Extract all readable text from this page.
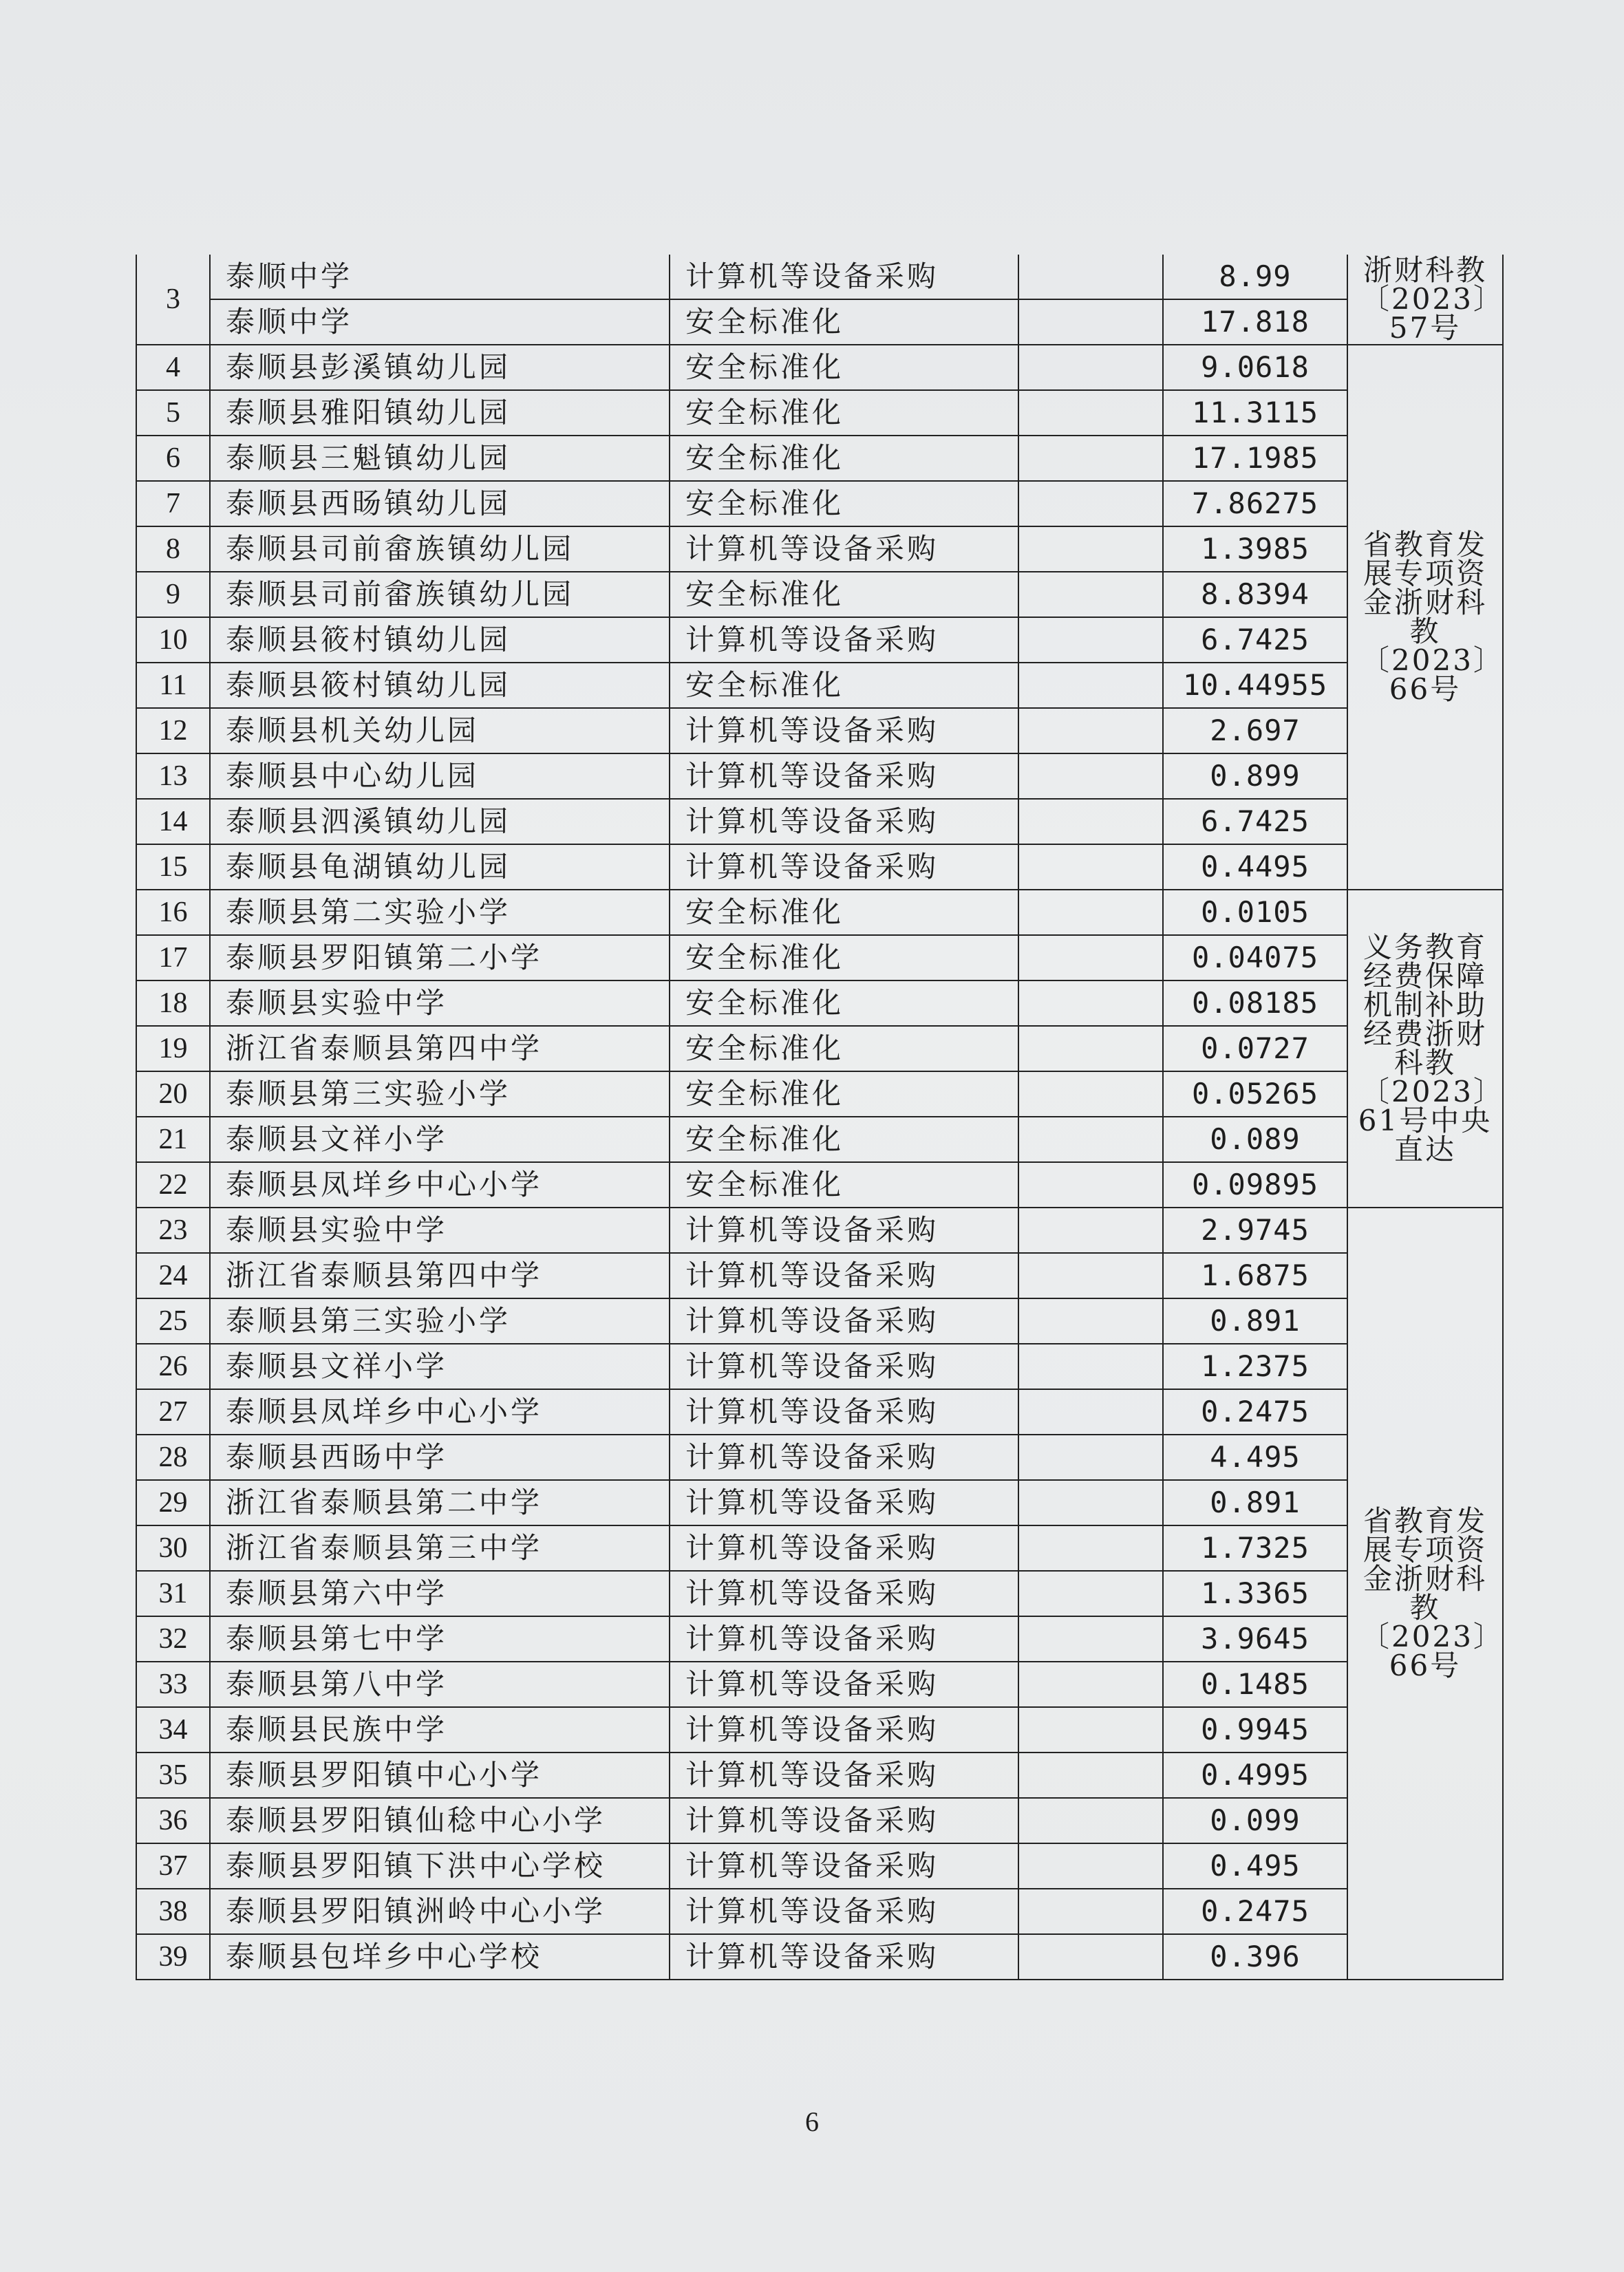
3	泰顺中学	计算机等设备采购		8.99	浙财科教〔2023〕57号
	泰顺中学	安全标准化		17.818	
4	泰顺县彭溪镇幼儿园	安全标准化		9.0618	省教育发展专项资金浙财科教〔2023〕66号
5	泰顺县雅阳镇幼儿园	安全标准化		11.3115	
6	泰顺县三魁镇幼儿园	安全标准化		17.1985	
7	泰顺县西旸镇幼儿园	安全标准化		7.86275	
8	泰顺县司前畲族镇幼儿园	计算机等设备采购		1.3985	
9	泰顺县司前畲族镇幼儿园	安全标准化		8.8394	
10	泰顺县筱村镇幼儿园	计算机等设备采购		6.7425	
11	泰顺县筱村镇幼儿园	安全标准化		10.44955	
12	泰顺县机关幼儿园	计算机等设备采购		2.697	
13	泰顺县中心幼儿园	计算机等设备采购		0.899	
14	泰顺县泗溪镇幼儿园	计算机等设备采购		6.7425	
15	泰顺县龟湖镇幼儿园	计算机等设备采购		0.4495	
16	泰顺县第二实验小学	安全标准化		0.0105	义务教育经费保障机制补助经费浙财科教〔2023〕61号中央直达
17	泰顺县罗阳镇第二小学	安全标准化		0.04075	
18	泰顺县实验中学	安全标准化		0.08185	
19	浙江省泰顺县第四中学	安全标准化		0.0727	
20	泰顺县第三实验小学	安全标准化		0.05265	
21	泰顺县文祥小学	安全标准化		0.089	
22	泰顺县凤垟乡中心小学	安全标准化		0.09895	
23	泰顺县实验中学	计算机等设备采购		2.9745	省教育发展专项资金浙财科教〔2023〕66号
24	浙江省泰顺县第四中学	计算机等设备采购		1.6875	
25	泰顺县第三实验小学	计算机等设备采购		0.891	
26	泰顺县文祥小学	计算机等设备采购		1.2375	
27	泰顺县凤垟乡中心小学	计算机等设备采购		0.2475	
28	泰顺县西旸中学	计算机等设备采购		4.495	
29	浙江省泰顺县第二中学	计算机等设备采购		0.891	
30	浙江省泰顺县第三中学	计算机等设备采购		1.7325	
31	泰顺县第六中学	计算机等设备采购		1.3365	
32	泰顺县第七中学	计算机等设备采购		3.9645	
33	泰顺县第八中学	计算机等设备采购		0.1485	
34	泰顺县民族中学	计算机等设备采购		0.9945	
35	泰顺县罗阳镇中心小学	计算机等设备采购		0.4995	
36	泰顺县罗阳镇仙稔中心小学	计算机等设备采购		0.099	
37	泰顺县罗阳镇下洪中心学校	计算机等设备采购		0.495	
38	泰顺县罗阳镇洲岭中心小学	计算机等设备采购		0.2475	
39	泰顺县包垟乡中心学校	计算机等设备采购		0.396	
6
